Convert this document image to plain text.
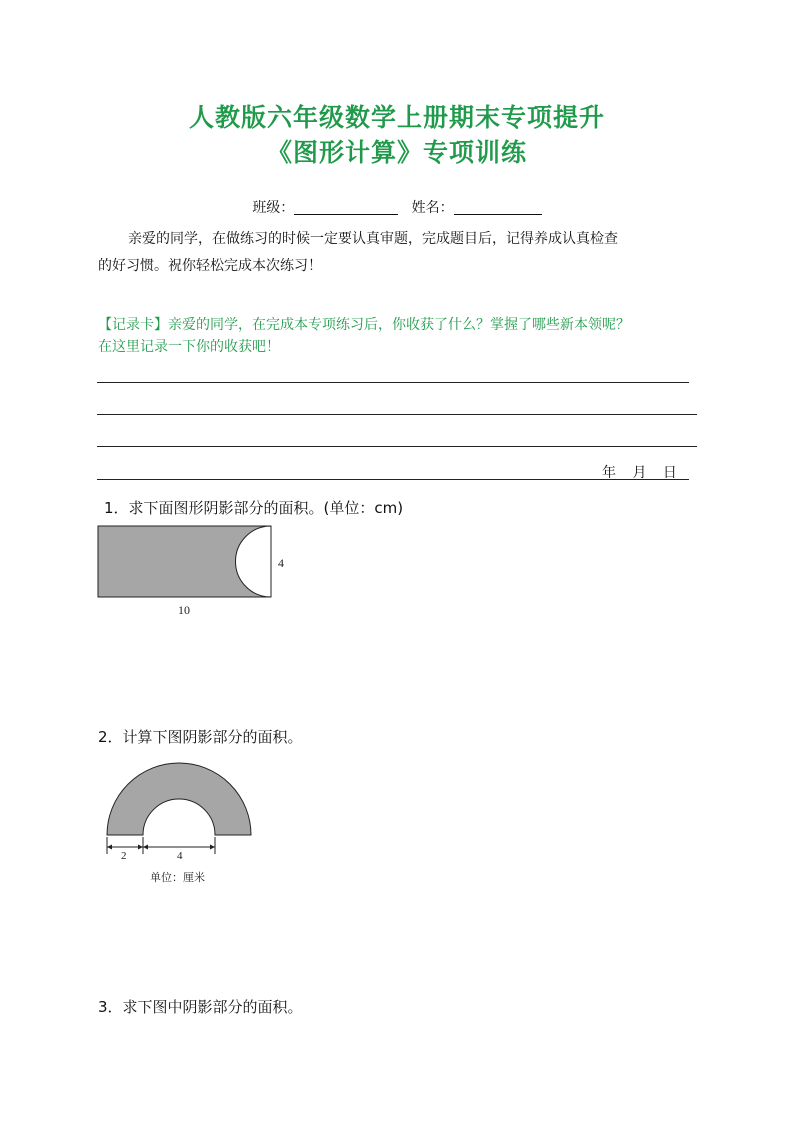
人教版六年级数学上册期末专项提升
《图形计算》专项训练
班级：	姓名：
亲爱的同学，在做练习的时候一定要认真审题，完成题目后，记得养成认真检查
的好习惯。祝你轻松完成本次练习！
【记录卡】亲爱的同学，在完成本专项练习后，你收获了什么？掌握了哪些新本领呢？
在这里记录一下你的收获吧！
年 月 日
1．求下面图形阴影部分的面积。(单位：cm)
4
10
2．计算下图阴影部分的面积。
2	4
单位：厘米
3．求下图中阴影部分的面积。
